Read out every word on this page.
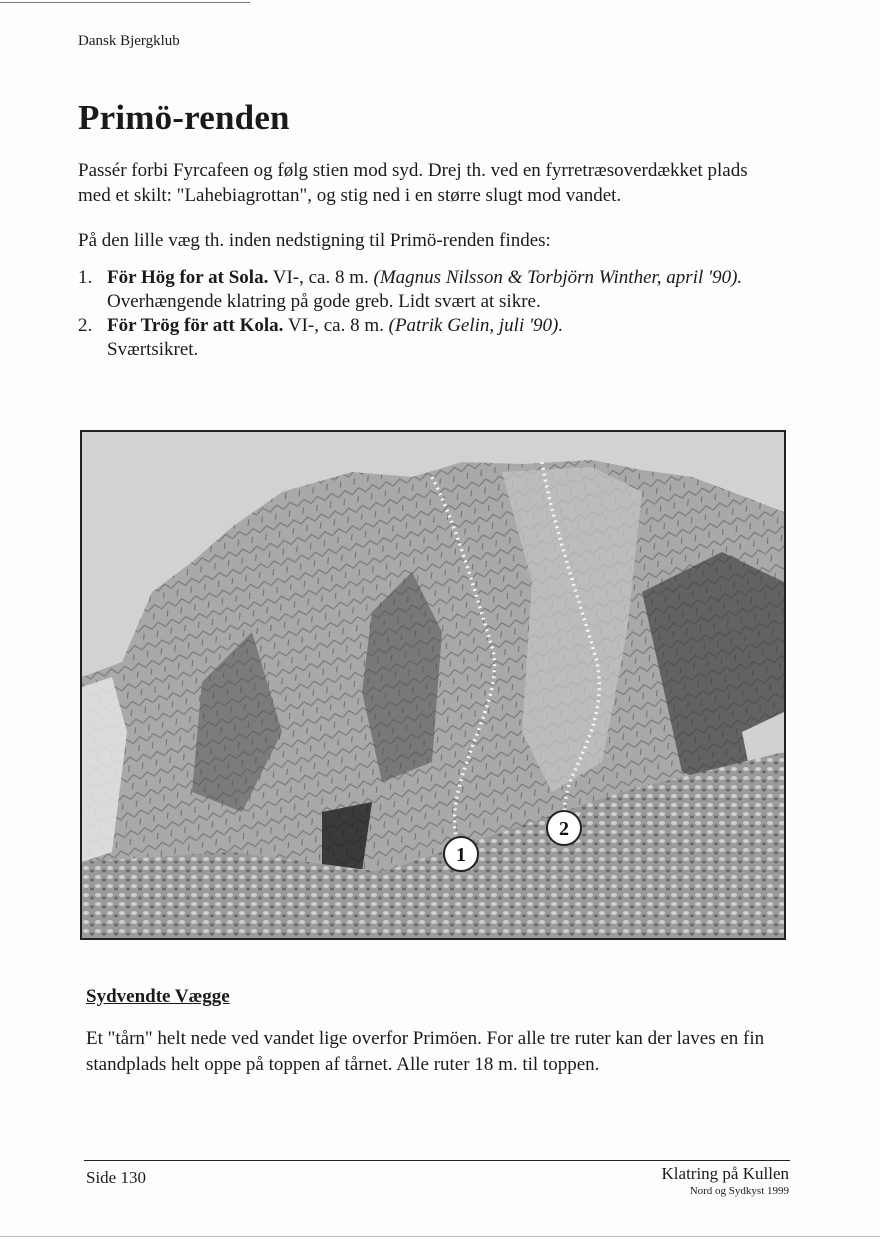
Dansk Bjergklub
Primö-renden

Passér forbi Fyrcafeen og følg stien mod syd. Drej th. ved en fyrretræsoverdækket plads med et skilt: "Lahebiagrottan", og stig ned i en større slugt mod vandet.

På den lille væg th. inden nedstigning til Primö-renden findes:

1. För Hög for at Sola. VI-, ca. 8 m. (Magnus Nilsson & Torbjörn Winther, april '90).
Overhængende klatring på gode greb. Lidt svært at sikre.
2. För Trög för att Kola. VI-, ca. 8 m. (Patrik Gelin, juli '90).
Sværtsikret.
1
2
Sydvendte Vægge

Et "tårn" helt nede ved vandet lige overfor Primöen. For alle tre ruter kan der laves en fin standplads helt oppe på toppen af tårnet. Alle ruter 18 m. til toppen.

Side 130	Klatring på Kullen
Nord og Sydkyst 1999
